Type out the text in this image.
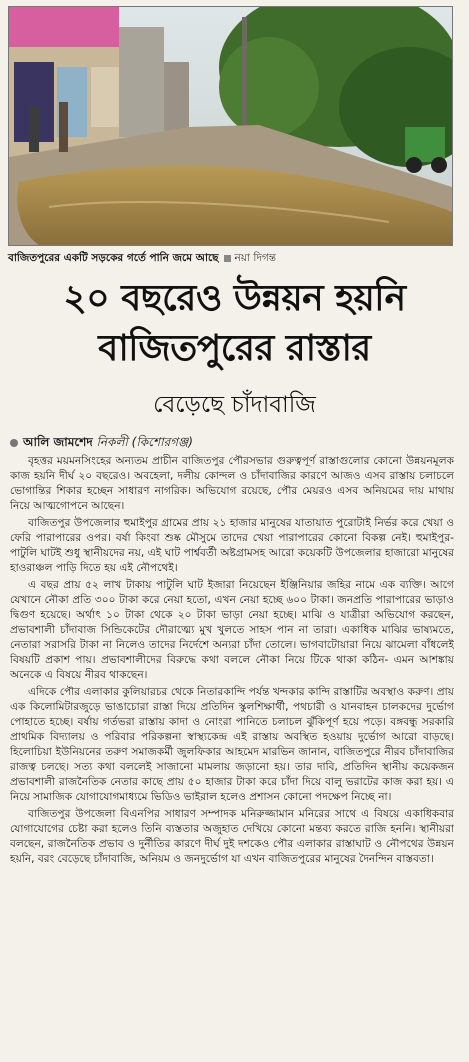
বাজিতপুরের একটি সড়কের গর্তে পানি জমে আছে নয়া দিগন্ত
২০ বছরেও উন্নয়ন হয়নি
বাজিতপুরের রাস্তার
বেড়েছে চাঁদাবাজি
আলি জামশেদ নিকলী (কিশোরগঞ্জ)

বৃহত্তর ময়মনসিংহের অন্যতম প্রাচীন বাজিতপুর পৌরসভার গুরুত্বপূর্ণ রাস্তাগুলোর কোনো উন্নয়নমূলক কাজ হয়নি দীর্ঘ ২০ বছরেও। অবহেলা, দলীয় কোন্দল ও চাঁদাবাজির কারণে আজও এসব রাস্তায় চলাচলে ভোগান্তির শিকার হচ্ছেন সাধারণ নাগরিক। অভিযোগ রয়েছে, পৌর মেয়রও এসব অনিয়মের দায় মাথায় নিয়ে আত্মগোপনে আছেন।

বাজিতপুর উপজেলার হুমাইপুর গ্রামের প্রায় ২১ হাজার মানুষের যাতায়াত পুরোটাই নির্ভর করে খেয়া ও ফেরি পারাপারের ওপর। বর্ষা কিংবা শুষ্ক মৌসুমে তাদের খেয়া পারাপারের কোনো বিকল্প নেই। হুমাইপুর-পাটুলি ঘাটই শুধু স্থানীয়দের নয়, এই ঘাট পার্শ্ববর্তী অষ্টগ্রামসহ আরো কয়েকটি উপজেলার হাজারো মানুষের হাওরাঞ্চল পাড়ি দিতে হয় এই নৌপথেই।

এ বছর প্রায় ৫২ লাখ টাকায় পাটুলি ঘাট ইজারা নিয়েছেন ইঞ্জিনিয়ার জহির নামে এক ব্যক্তি। আগে যেখানে নৌকা প্রতি ৩০০ টাকা করে নেয়া হতো, এখন নেয়া হচ্ছে ৬০০ টাকা। জনপ্রতি পারাপারের ভাড়াও দ্বিগুণ হয়েছে। অর্থাৎ ১০ টাকা থেকে ২০ টাকা ভাড়া নেয়া হচ্ছে। মাঝি ও যাত্রীরা অভিযোগ করছেন, প্রভাবশালী চাঁদাবাজ সিন্ডিকেটের দৌরাত্ম্যে মুখ খুলতে সাহস পান না তারা। একাধিক মাঝির ভাষ্যমতে, নেতারা সরাসরি টাকা না নিলেও তাদের নির্দেশে অন্যরা চাঁদা তোলে। ভাগবাটোয়ারা নিয়ে ঝামেলা বাঁধলেই বিষয়টি প্রকাশ পায়। প্রভাবশালীদের বিরুদ্ধে কথা বললে নৌকা নিয়ে টিকে থাকা কঠিন- এমন আশঙ্কায় অনেকে এ বিষয়ে নীরব থাকছেন।

এদিকে পৌর এলাকার কুলিয়ারচর থেকে নিতারকান্দি পর্যন্ত খন্দকার কান্দি রাস্তাটির অবস্থাও করুণ। প্রায় এক কিলোমিটারজুড়ে ভাঙাচোরা রাস্তা দিয়ে প্রতিদিন স্কুলশিক্ষার্থী, পথচারী ও যানবাহন চালকদের দুর্ভোগ পোহাতে হচ্ছে। বর্ষায় গর্তভরা রাস্তায় কাদা ও নোংরা পানিতে চলাচল ঝুঁকিপূর্ণ হয়ে পড়ে। বঙ্গবন্ধু সরকারি প্রাথমিক বিদ্যালয় ও পরিবার পরিকল্পনা স্বাস্থ্যকেন্দ্র এই রাস্তায় অবস্থিত হওয়ায় দুর্ভোগ আরো বাড়ছে। হিলোচিয়া ইউনিয়নের তরুণ সমাজকর্মী জুলফিকার আহমেদ মারভিন জানান, বাজিতপুরে নীরব চাঁদাবাজির রাজত্ব চলছে। সত্য কথা বললেই সাজানো মামলায় জড়ানো হয়। তার দাবি, প্রতিদিন স্থানীয় কয়েকজন প্রভাবশালী রাজনৈতিক নেতার কাছে প্রায় ৫০ হাজার টাকা করে চাঁদা দিয়ে বালু ভরাটের কাজ করা হয়। এ নিয়ে সামাজিক যোগাযোগমাধ্যমে ভিডিও ভাইরাল হলেও প্রশাসন কোনো পদক্ষেপ নিচ্ছে না।

বাজিতপুর উপজেলা বিএনপির সাধারণ সম্পাদক মনিরুজ্জামান মনিরের সাথে এ বিষয়ে একাধিকবার যোগাযোগের চেষ্টা করা হলেও তিনি ব্যস্ততার অজুহাত দেখিয়ে কোনো মন্তব্য করতে রাজি হননি। স্থানীয়রা বলছেন, রাজনৈতিক প্রভাব ও দুর্নীতির কারণে দীর্ঘ দুই দশকেও পৌর এলাকার রাস্তাঘাট ও নৌপথের উন্নয়ন হয়নি, বরং বেড়েছে চাঁদাবাজি, অনিয়ম ও জনদুর্ভোগ যা এখন বাজিতপুরের মানুষের দৈনন্দিন বাস্তবতা।
